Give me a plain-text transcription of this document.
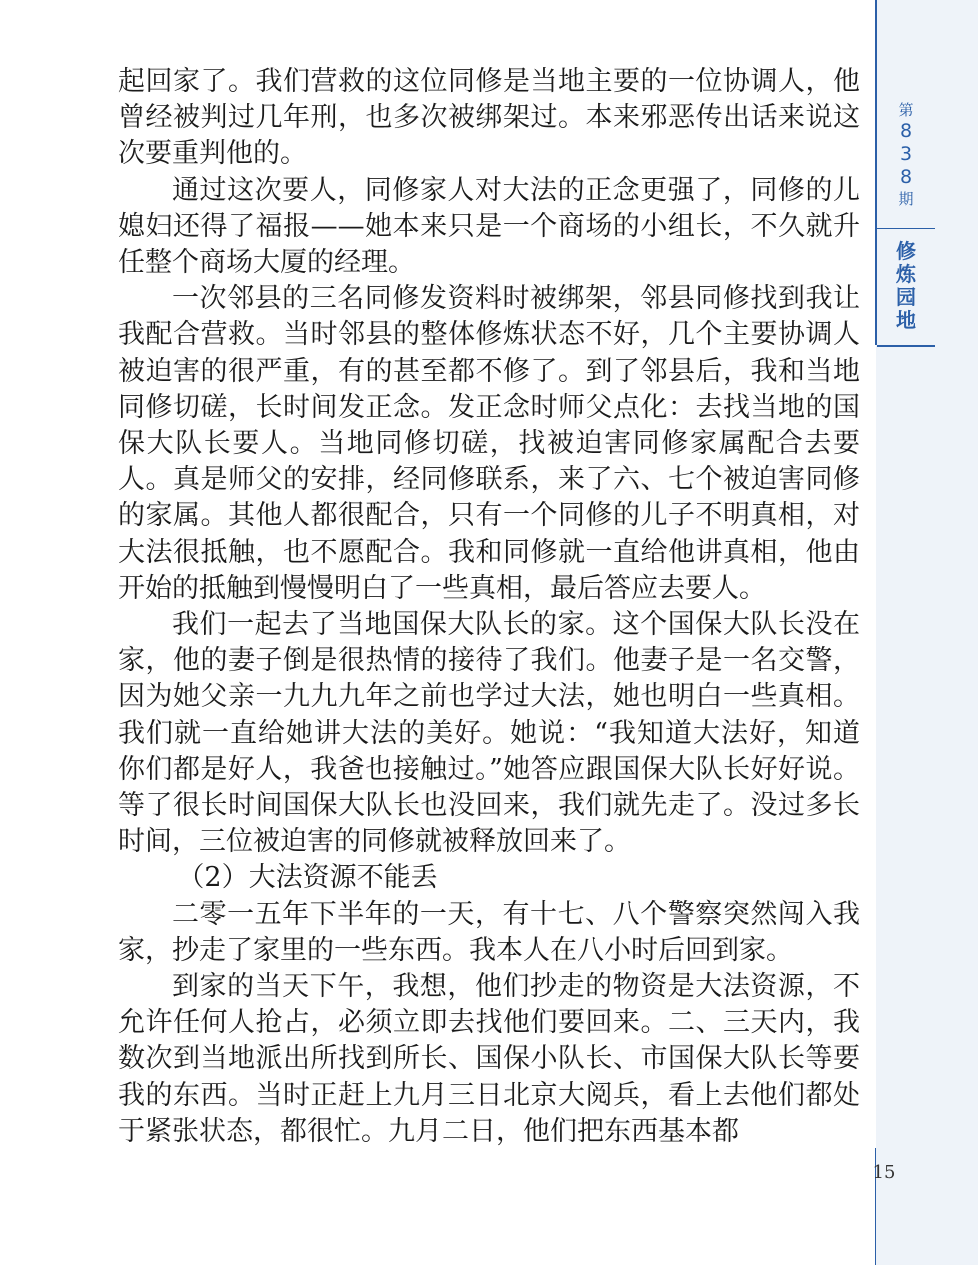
第
8
3
8
期
修
炼
园
地
15

起回家了。我们营救的这位同修是当地主要的一位协调人，他曾经被判过几年刑，也多次被绑架过。本来邪恶传出话来说这次要重判他的。

通过这次要人，同修家人对大法的正念更强了，同修的儿媳妇还得了福报——她本来只是一个商场的小组长，不久就升任整个商场大厦的经理。

一次邻县的三名同修发资料时被绑架，邻县同修找到我让我配合营救。当时邻县的整体修炼状态不好，几个主要协调人被迫害的很严重，有的甚至都不修了。到了邻县后，我和当地同修切磋，长时间发正念。发正念时师父点化：去找当地的国保大队长要人。当地同修切磋，找被迫害同修家属配合去要人。真是师父的安排，经同修联系，来了六、七个被迫害同修的家属。其他人都很配合，只有一个同修的儿子不明真相，对大法很抵触，也不愿配合。我和同修就一直给他讲真相，他由开始的抵触到慢慢明白了一些真相，最后答应去要人。

我们一起去了当地国保大队长的家。这个国保大队长没在家，他的妻子倒是很热情的接待了我们。他妻子是一名交警，因为她父亲一九九九年之前也学过大法，她也明白一些真相。我们就一直给她讲大法的美好。她说：“我知道大法好，知道你们都是好人，我爸也接触过。”她答应跟国保大队长好好说。等了很长时间国保大队长也没回来，我们就先走了。没过多长时间，三位被迫害的同修就被释放回来了。

（2）大法资源不能丢

二零一五年下半年的一天，有十七、八个警察突然闯入我家，抄走了家里的一些东西。我本人在八小时后回到家。

到家的当天下午，我想，他们抄走的物资是大法资源，不允许任何人抢占，必须立即去找他们要回来。二、三天内，我数次到当地派出所找到所长、国保小队长、市国保大队长等要我的东西。当时正赶上九月三日北京大阅兵，看上去他们都处于紧张状态，都很忙。九月二日，他们把东西基本都
